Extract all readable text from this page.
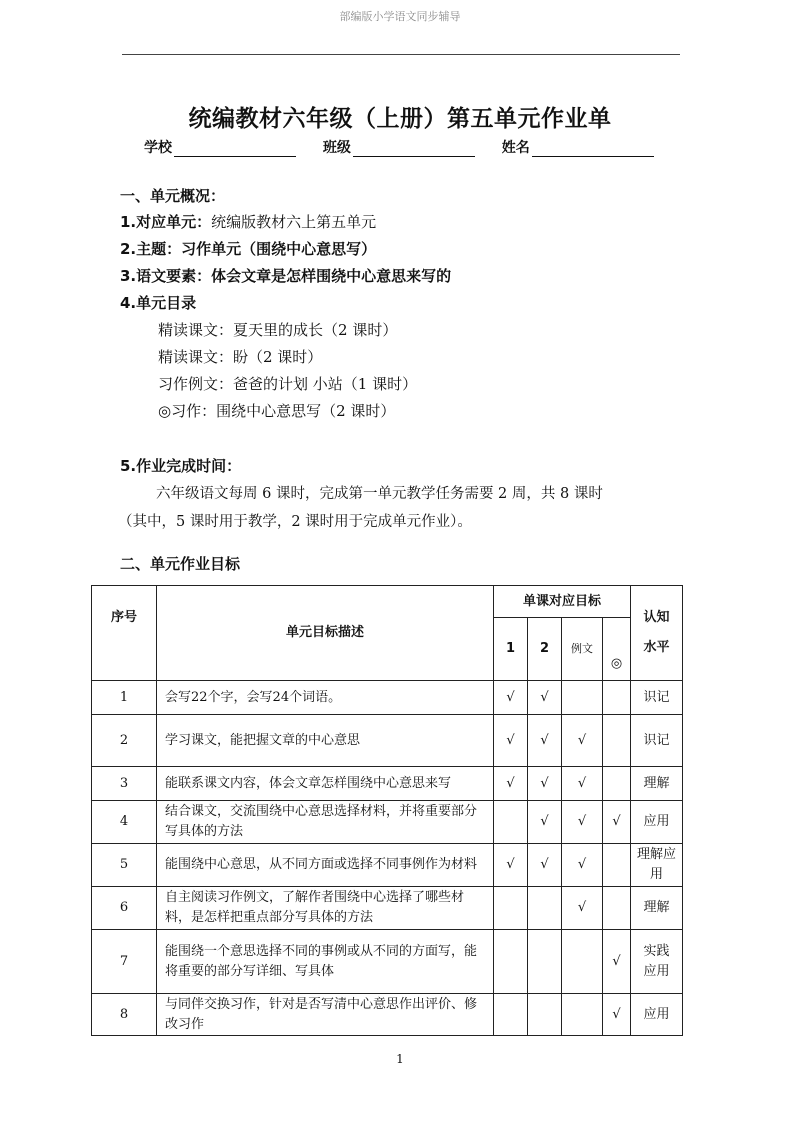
部编版小学语文同步辅导
统编教材六年级（上册）第五单元作业单
学校	班级	姓名
一、单元概况：
1.对应单元：统编版教材六上第五单元
2.主题：习作单元（围绕中心意思写）
3.语文要素：体会文章是怎样围绕中心意思来写的
4.单元目录
精读课文：夏天里的成长（2 课时）
精读课文：盼（2 课时）
习作例文：爸爸的计划 小站（1 课时）
◎习作：围绕中心意思写（2 课时）
5.作业完成时间：
六年级语文每周 6 课时，完成第一单元教学任务需要 2 周，共 8 课时
（其中，5 课时用于教学，2 课时用于完成单元作业）。
二、单元作业目标
序号	单元目标描述	单课对应目标				认知
水平
		1	2	例文	◎	
1	会写22个字，会写24个词语。	√	√			识记
2	学习课文，能把握文章的中心意思	√	√	√		识记
3	能联系课文内容，体会文章怎样围绕中心意思来写	√	√	√		理解
4	结合课文，交流围绕中心意思选择材料，并将重要部分写具体的方法		√	√	√	应用
5	能围绕中心意思，从不同方面或选择不同事例作为材料	√	√	√		理解应用
6	自主阅读习作例文，了解作者围绕中心选择了哪些材料，是怎样把重点部分写具体的方法			√		理解
7	能围绕一个意思选择不同的事例或从不同的方面写，能将重要的部分写详细、写具体				√	实践应用
8	与同伴交换习作，针对是否写清中心意思作出评价、修改习作				√	应用
1
